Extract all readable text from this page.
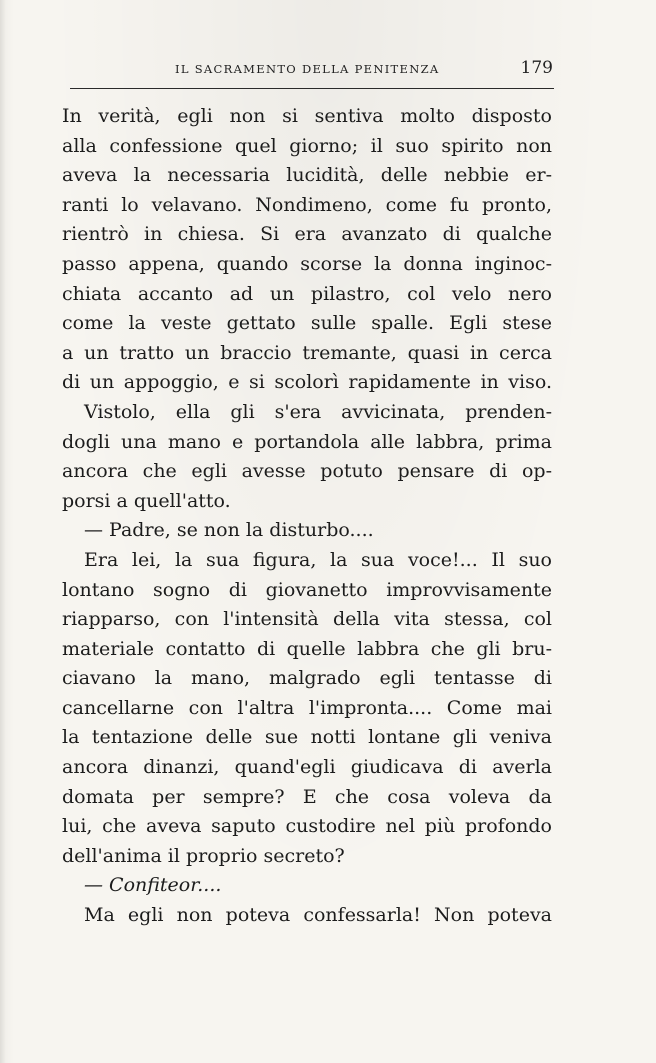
IL SACRAMENTO DELLA PENITENZA	179
In verità, egli non si sentiva molto disposto
alla confessione quel giorno; il suo spirito non
aveva la necessaria lucidità, delle nebbie er-
ranti lo velavano. Nondimeno, come fu pronto,
rientrò in chiesa. Si era avanzato di qualche
passo appena, quando scorse la donna inginoc-
chiata accanto ad un pilastro, col velo nero
come la veste gettato sulle spalle. Egli stese
a un tratto un braccio tremante, quasi in cerca
di un appoggio, e si scolorì rapidamente in viso.
Vistolo, ella gli s'era avvicinata, prenden-
dogli una mano e portandola alle labbra, prima
ancora che egli avesse potuto pensare di op-
porsi a quell'atto.
— Padre, se non la disturbo....
Era lei, la sua figura, la sua voce!... Il suo
lontano sogno di giovanetto improvvisamente
riapparso, con l'intensità della vita stessa, col
materiale contatto di quelle labbra che gli bru-
ciavano la mano, malgrado egli tentasse di
cancellarne con l'altra l'impronta.... Come mai
la tentazione delle sue notti lontane gli veniva
ancora dinanzi, quand'egli giudicava di averla
domata per sempre? E che cosa voleva da
lui, che aveva saputo custodire nel più profondo
dell'anima il proprio secreto?
— Confiteor....
Ma egli non poteva confessarla! Non poteva
